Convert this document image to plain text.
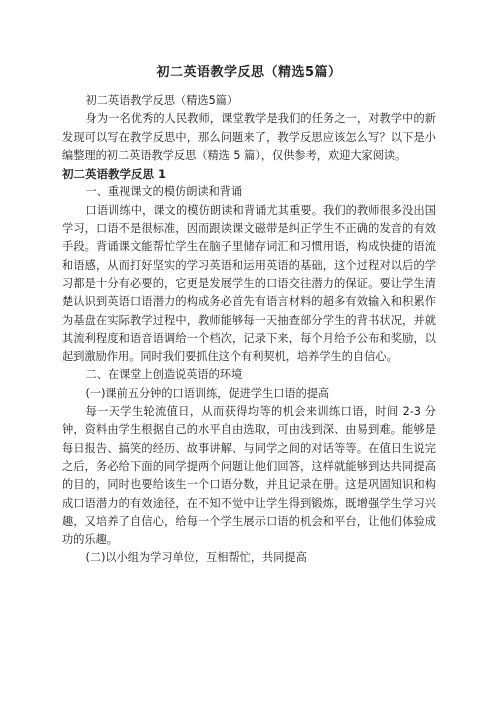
初二英语教学反思（精选5篇）

初二英语教学反思（精选5篇）

身为一名优秀的人民教师，课堂教学是我们的任务之一，对教学中的新发现可以写在教学反思中，那么问题来了，教学反思应该怎么写？以下是小编整理的初二英语教学反思（精选 5 篇），仅供参考，欢迎大家阅读。

初二英语教学反思 1

一、重视课文的模仿朗读和背诵

口语训练中，课文的模仿朗读和背诵尤其重要。我们的教师很多没出国学习，口语不是很标准，因而跟读课文磁带是纠正学生不正确的发音的有效手段。背诵课文能帮忙学生在脑子里储存词汇和习惯用语，构成快捷的语流和语感，从而打好坚实的学习英语和运用英语的基础，这个过程对以后的学习都是十分有必要的，它更是发展学生的口语交往潜力的保证。要让学生清楚认识到英语口语潜力的构成务必首先有语言材料的超多有效输入和积累作为基盘在实际教学过程中，教师能够每一天抽查部分学生的背书状况，并就其流利程度和语音语调给一个档次，记录下来，每个月给予公布和奖励，以起到激励作用。同时我们要抓住这个有利契机，培养学生的自信心。

二、在课堂上创造说英语的环境

(一)课前五分钟的口语训练，促进学生口语的提高

每一天学生轮流值日，从而获得均等的机会来训练口语，时间 2-3 分钟，资料由学生根据自己的水平自由选取，可由浅到深、由易到难。能够是每日报告、搞笑的经历、故事讲解、与同学之间的对话等等。在值日生说完之后，务必给下面的同学提两个问题让他们回答，这样就能够到达共同提高的目的，同时也要给该生一个口语分数，并且记录在册。这是巩固知识和构成口语潜力的有效途径，在不知不觉中让学生得到锻炼，既增强学生学习兴趣，又培养了自信心，给每一个学生展示口语的机会和平台，让他们体验成功的乐趣。

(二)以小组为学习单位，互相帮忙，共同提高
